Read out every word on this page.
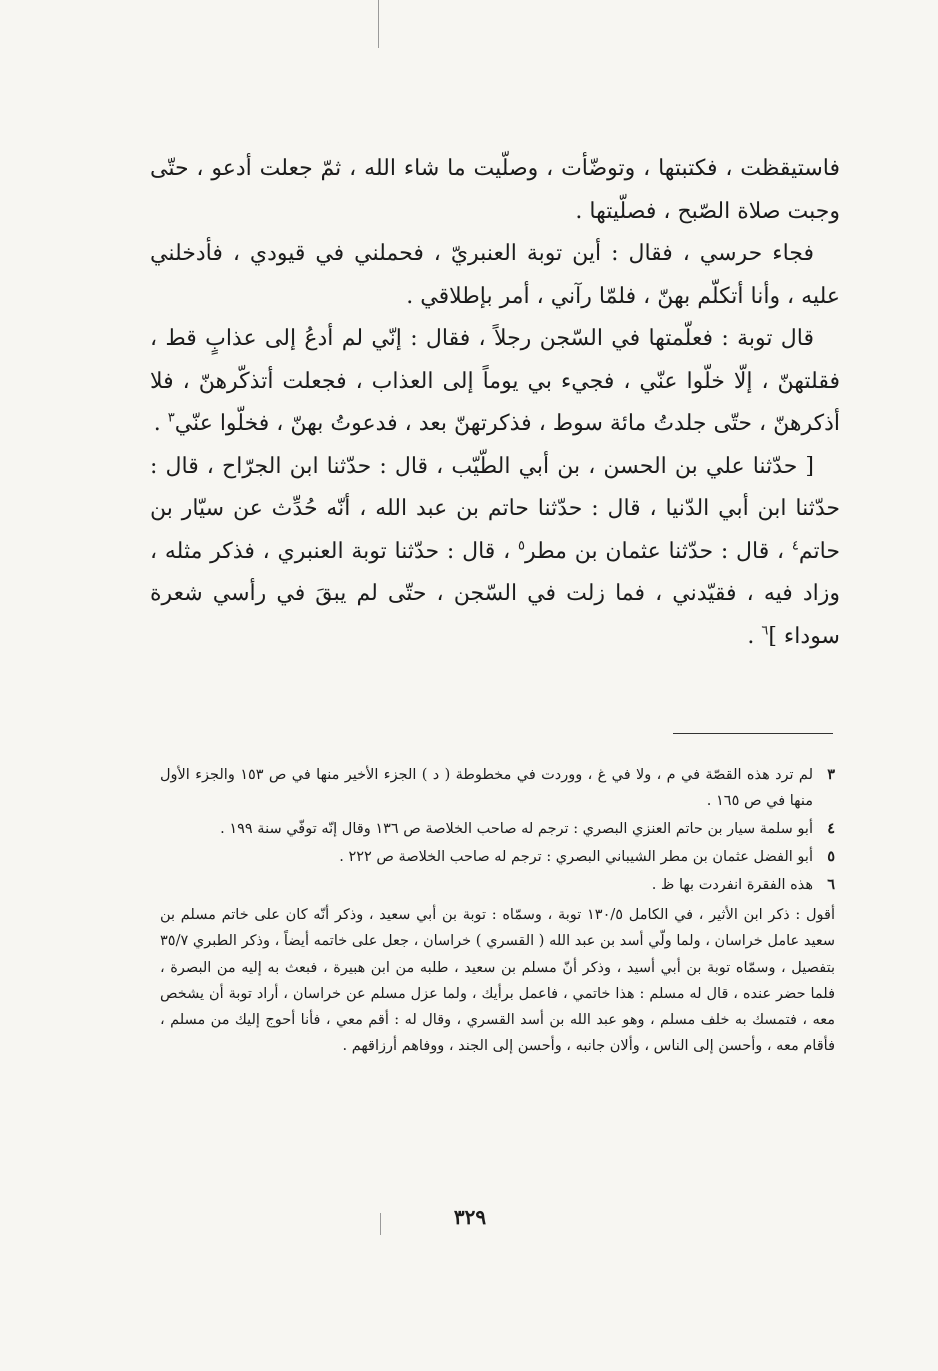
فاستيقظت ، فكتبتها ، وتوضّأت ، وصلّيت ما شاء الله ، ثمّ جعلت أدعو ، حتّى وجبت صلاة الصّبح ، فصلّيتها .

فجاء حرسي ، فقال : أين توبة العنبريّ ، فحملني في قيودي ، فأدخلني عليه ، وأنا أتكلّم بهنّ ، فلمّا رآني ، أمر بإطلاقي .

قال توبة : فعلّمتها في السّجن رجلاً ، فقال : إنّي لم أدعُ إلى عذابٍ قط ، فقلتهنّ ، إلّا خلّوا عنّي ، فجيء بي يوماً إلى العذاب ، فجعلت أتذكّرهنّ ، فلا أذكرهنّ ، حتّى جلدتُ مائة سوط ، فذكرتهنّ بعد ، فدعوتُ بهنّ ، فخلّوا عنّي$^٣$ .

[ حدّثنا علي بن الحسن ، بن أبي الطّيّب ، قال : حدّثنا ابن الجرّاح ، قال : حدّثنا ابن أبي الدّنيا ، قال : حدّثنا حاتم بن عبد الله ، أنّه حُدِّث عن سيّار بن حاتم$^٤$ ، قال : حدّثنا عثمان بن مطر$^٥$ ، قال : حدّثنا توبة العنبري ، فذكر مثله ، وزاد فيه ، فقيّدني ، فما زلت في السّجن ، حتّى لم يبقَ في رأسي شعرة سوداء ]$^٦$ .

٣
لم ترد هذه القصّة في م ، ولا في غ ، ووردت في مخطوطة ( د ) الجزء الأخير منها في ص ١٥٣ والجزء الأول منها في ص ١٦٥ .
٤
أبو سلمة سيار بن حاتم العنزي البصري : ترجم له صاحب الخلاصة ص ١٣٦ وقال إنّه توفّي سنة ١٩٩ .
٥
أبو الفضل عثمان بن مطر الشيباني البصري : ترجم له صاحب الخلاصة ص ٢٢٢ .
٦
هذه الفقرة انفردت بها ظ .
أقول : ذكر ابن الأثير ، في الكامل ١٣٠/٥ توبة ، وسمّاه : توبة بن أبي سعيد ، وذكر أنّه كان على خاتم مسلم بن سعيد عامل خراسان ، ولما ولّي أسد بن عبد الله ( القسري ) خراسان ، جعل على خاتمه أيضاً ، وذكر الطبري ٣٥/٧ بتفصيل ، وسمّاه توبة بن أبي أسيد ، وذكر أنّ مسلم بن سعيد ، طلبه من ابن هبيرة ، فبعث به إليه من البصرة ، فلما حضر عنده ، قال له مسلم : هذا خاتمي ، فاعمل برأيك ، ولما عزل مسلم عن خراسان ، أراد توبة أن يشخص معه ، فتمسك به خلف مسلم ، وهو عبد الله بن أسد القسري ، وقال له : أقم معي ، فأنا أحوج إليك من مسلم ، فأقام معه ، وأحسن إلى الناس ، وألان جانبه ، وأحسن إلى الجند ، ووفاهم أرزاقهم .
٣٢٩
